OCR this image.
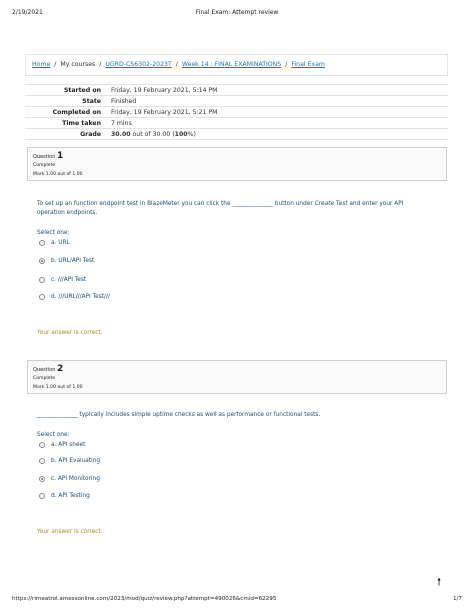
2/19/2021	Final Exam: Attempt review
Home / My courses / UGRD-CS6302-2023T / Week 14 : FINAL EXAMINATIONS / Final Exam
Started on	Friday, 19 February 2021, 5:14 PM
State	Finished
Completed on	Friday, 19 February 2021, 5:21 PM
Time taken	7 mins
Grade	30.00 out of 30.00 (100%)
Question 1
Complete
Mark 1.00 out of 1.00
To set up an function endpoint test in BlazeMeter you can click the ______________ button under Create Test and enter your API operation endpoints.
Select one:
a. URL
b. URL/API Test
c. ///API Test
d. ///URL///API Test///
Your answer is correct.
Question 2
Complete
Mark 1.00 out of 1.00
______________ typically includes simple uptime checks as well as performance or functional tests.
Select one:
a. API sheet
b. API Evaluating
c. API Monitoring
d. API Testing
Your answer is correct.
🠕
https://rimeatrol.amessonline.com/2023/mod/quiz/review.php?attempt=490026&cmid=62295	1/7
